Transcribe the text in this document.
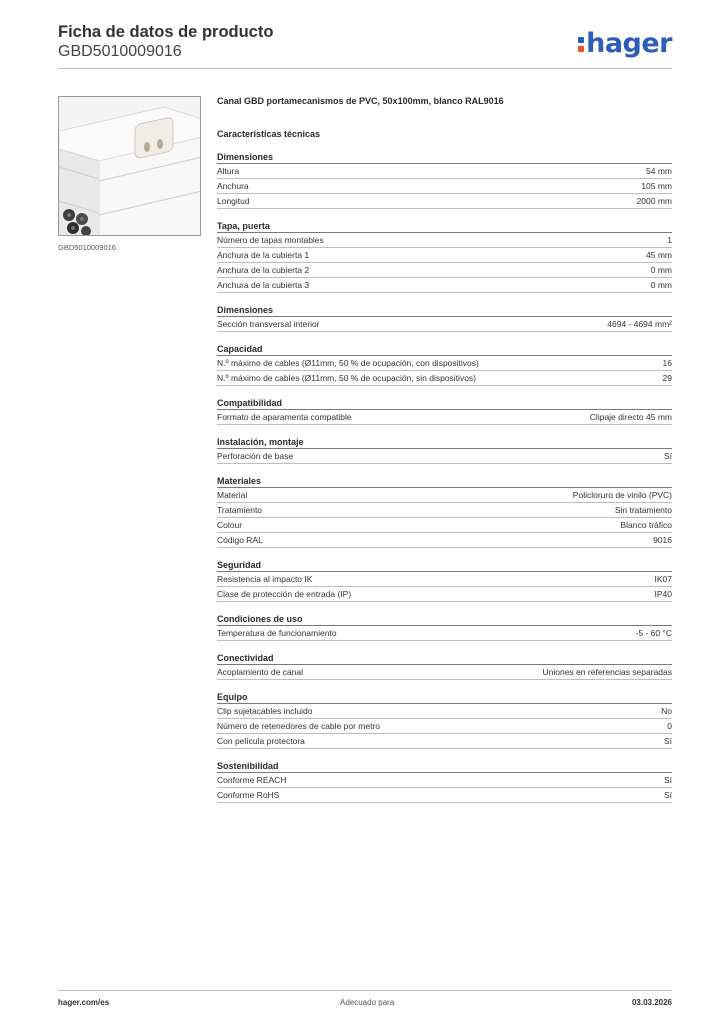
Ficha de datos de producto
GBD5010009016	hager
GBD5010009016
Canal GBD portamecanismos de PVC, 50x100mm, blanco RAL9016
Características técnicas
Dimensiones
Altura	54 mm
Anchura	105 mm
Longitud	2000 mm
Tapa, puerta
Número de tapas montables	1
Anchura de la cubierta 1	45 mm
Anchura de la cubierta 2	0 mm
Anchura de la cubierta 3	0 mm
Dimensiones
Sección transversal interior	4694 - 4694 mm²
Capacidad
N.º máximo de cables (Ø11mm, 50 % de ocupación, con dispositivos)	16
N.º máximo de cables (Ø11mm, 50 % de ocupación, sin dispositivos)	29
Compatibilidad
Formato de aparamenta compatible	Clipaje directo 45 mm
Instalación, montaje
Perforación de base	Sí
Materiales
Material	Policloruro de vinilo (PVC)
Tratamiento	Sin tratamiento
Colour	Blanco tráfico
Código RAL	9016
Seguridad
Resistencia al impacto IK	IK07
Clase de protección de entrada (IP)	IP40
Condiciones de uso
Temperatura de funcionamiento	-5 - 60 °C
Conectividad
Acoplamiento de canal	Uniones en referencias separadas
Equipo
Clip sujetacables incluido	No
Número de retenedores de cable por metro	0
Con película protectora	Sí
Sostenibilidad
Conforme REACH	Sí
Conforme RoHS	Sí
hager.com/es	Adecuado para	03.03.2026
